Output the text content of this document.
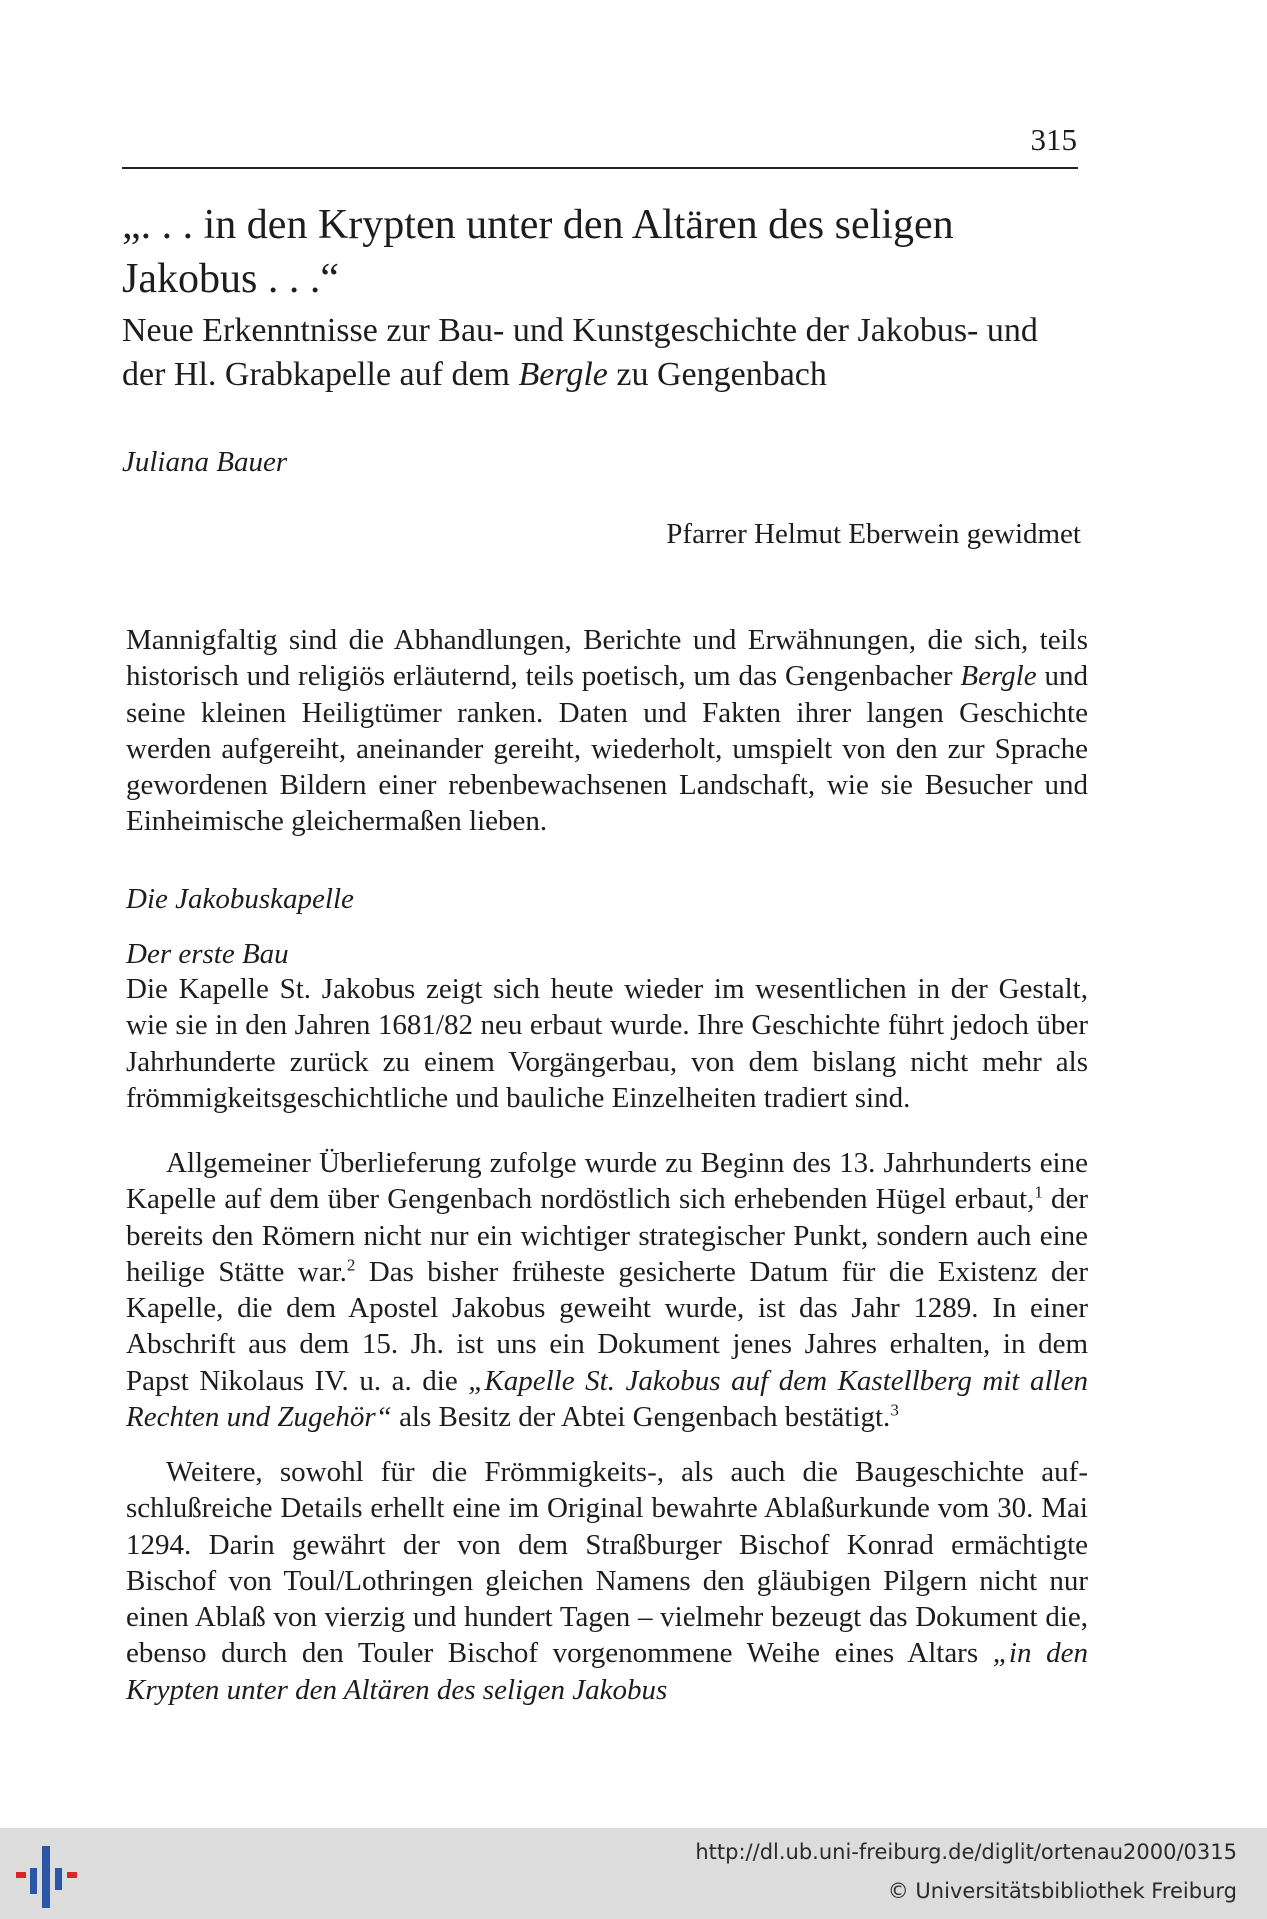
315
„. . . in den Krypten unter den Altären des seligen Jakobus . . .“
Neue Erkenntnisse zur Bau- und Kunstgeschichte der Jakobus- und der Hl. Grabkapelle auf dem Bergle zu Gengenbach
Juliana Bauer
Pfarrer Helmut Eberwein gewidmet

Mannigfaltig sind die Abhandlungen, Berichte und Erwähnungen, die sich, teils historisch und religiös erläuternd, teils poetisch, um das Gengenbacher Bergle und seine kleinen Heiligtümer ranken. Daten und Fakten ihrer langen Geschichte werden aufgereiht, aneinander gereiht, wiederholt, umspielt von den zur Sprache gewordenen Bildern einer rebenbewachsenen Landschaft, wie sie Besucher und Einheimische gleichermaßen lieben.

Die Jakobuskapelle
Der erste Bau

Die Kapelle St. Jakobus zeigt sich heute wieder im wesentlichen in der Gestalt, wie sie in den Jahren 1681/82 neu erbaut wurde. Ihre Geschichte führt jedoch über Jahrhunderte zurück zu einem Vorgängerbau, von dem bislang nicht mehr als frömmigkeitsgeschichtliche und bauliche Einzelheiten tradiert sind.

Allgemeiner Überlieferung zufolge wurde zu Beginn des 13. Jahrhunderts eine Kapelle auf dem über Gengenbach nordöstlich sich erhebenden Hügel erbaut,$^1$ der bereits den Römern nicht nur ein wichtiger strategischer Punkt, sondern auch eine heilige Stätte war.$^2$ Das bisher früheste gesicherte Datum für die Existenz der Kapelle, die dem Apostel Jakobus geweiht wurde, ist das Jahr 1289. In einer Abschrift aus dem 15. Jh. ist uns ein Dokument jenes Jahres erhalten, in dem Papst Nikolaus IV. u. a. die „Kapelle St. Jakobus auf dem Kastellberg mit allen Rechten und Zugehör“ als Besitz der Abtei Gengenbach bestätigt.$^3$

Weitere, sowohl für die Frömmigkeits-, als auch die Baugeschichte aufschlußreiche Details erhellt eine im Original bewahrte Ablaßurkunde vom 30. Mai 1294. Darin gewährt der von dem Straßburger Bischof Konrad ermächtigte Bischof von Toul/Lothringen gleichen Namens den gläubigen Pilgern nicht nur einen Ablaß von vierzig und hundert Tagen – vielmehr bezeugt das Dokument die, ebenso durch den Touler Bischof vorgenommene Weihe eines Altars „in den Krypten unter den Altären des seligen Jakobus

http://dl.ub.uni-freiburg.de/diglit/ortenau2000/0315
© Universitätsbibliothek Freiburg
